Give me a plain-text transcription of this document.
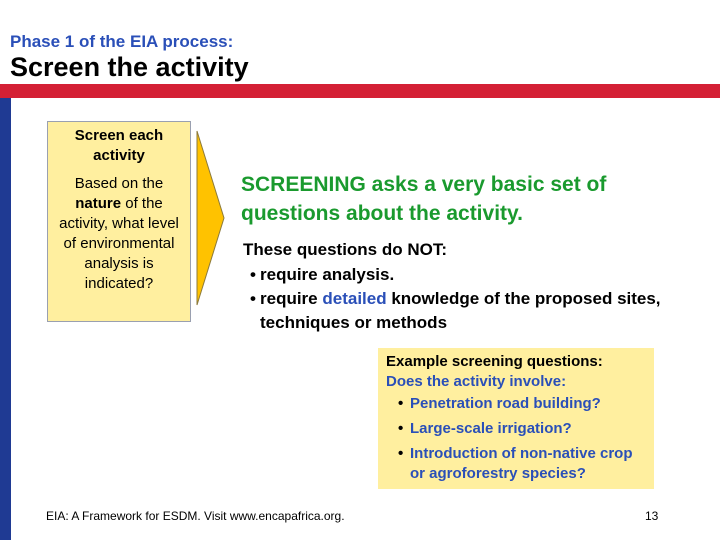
Phase 1 of the EIA process:
Screen the activity
Screen each activity
Based on the nature of the activity, what level of environmental analysis is indicated?
SCREENING asks a very basic set of questions about the activity.
These questions do NOT:
• require analysis.
• require detailed knowledge of the proposed sites, techniques or methods
Example screening questions:
Does the activity involve:
• Penetration road building?
• Large-scale irrigation?
• Introduction of non-native crop or agroforestry species?
EIA: A Framework for ESDM. Visit www.encapafrica.org.	13
